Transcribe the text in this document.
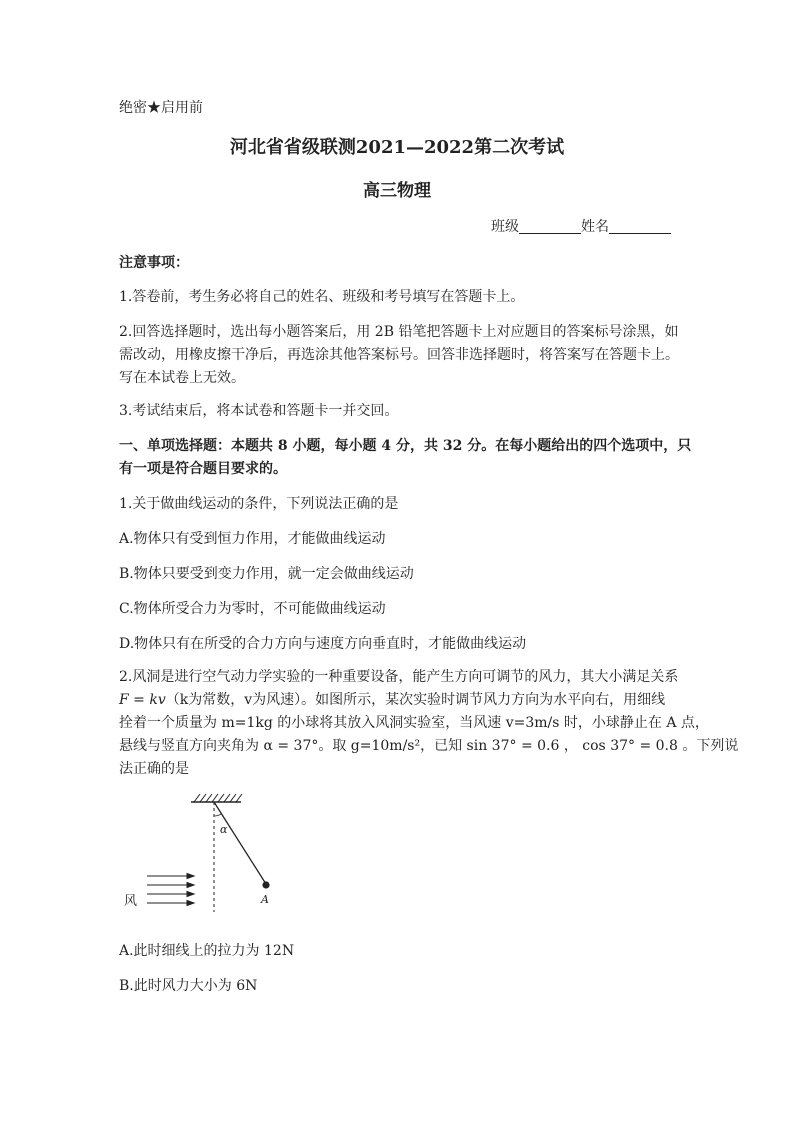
绝密★启用前
河北省省级联测2021—2022第二次考试
高三物理
班级	姓名
注意事项：
1.答卷前，考生务必将自己的姓名、班级和考号填写在答题卡上。
2.回答选择题时，选出每小题答案后，用 2B 铅笔把答题卡上对应题目的答案标号涂黑，如
需改动，用橡皮擦干净后，再选涂其他答案标号。回答非选择题时，将答案写在答题卡上。
写在本试卷上无效。
3.考试结束后，将本试卷和答题卡一并交回。
一、单项选择题：本题共 8 小题，每小题 4 分，共 32 分。在每小题给出的四个选项中，只
有一项是符合题目要求的。
1.关于做曲线运动的条件，下列说法正确的是
A.物体只有受到恒力作用，才能做曲线运动
B.物体只要受到变力作用，就一定会做曲线运动
C.物体所受合力为零时，不可能做曲线运动
D.物体只有在所受的合力方向与速度方向垂直时，才能做曲线运动
2.风洞是进行空气动力学实验的一种重要设备，能产生方向可调节的风力，其大小满足关系
F = kv（k为常数，v为风速）。如图所示，某次实验时调节风力方向为水平向右，用细线
拴着一个质量为 m=1kg 的小球将其放入风洞实验室，当风速 v=3m/s 时，小球静止在 A 点，
悬线与竖直方向夹角为 α = 37°。取 g=10m/s²，已知 sin 37° = 0.6 ， cos 37° = 0.8 。下列说
法正确的是
α
A
风
A.此时细线上的拉力为 12N
B.此时风力大小为 6N
